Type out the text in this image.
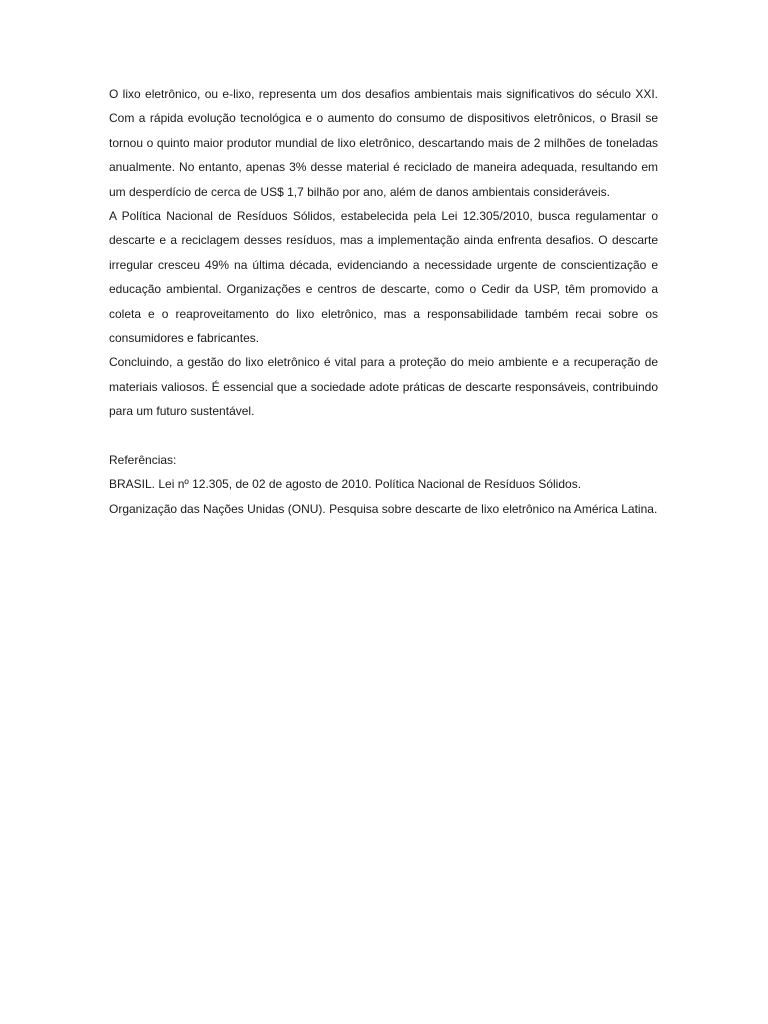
O lixo eletrônico, ou e-lixo, representa um dos desafios ambientais mais significativos do século XXI. Com a rápida evolução tecnológica e o aumento do consumo de dispositivos eletrônicos, o Brasil se tornou o quinto maior produtor mundial de lixo eletrônico, descartando mais de 2 milhões de toneladas anualmente. No entanto, apenas 3% desse material é reciclado de maneira adequada, resultando em um desperdício de cerca de US$ 1,7 bilhão por ano, além de danos ambientais consideráveis.

A Política Nacional de Resíduos Sólidos, estabelecida pela Lei 12.305/2010, busca regulamentar o descarte e a reciclagem desses resíduos, mas a implementação ainda enfrenta desafios. O descarte irregular cresceu 49% na última década, evidenciando a necessidade urgente de conscientização e educação ambiental. Organizações e centros de descarte, como o Cedir da USP, têm promovido a coleta e o reaproveitamento do lixo eletrônico, mas a responsabilidade também recai sobre os consumidores e fabricantes.

Concluindo, a gestão do lixo eletrônico é vital para a proteção do meio ambiente e a recuperação de materiais valiosos. É essencial que a sociedade adote práticas de descarte responsáveis, contribuindo para um futuro sustentável.

Referências:

BRASIL. Lei nº 12.305, de 02 de agosto de 2010. Política Nacional de Resíduos Sólidos.

Organização das Nações Unidas (ONU). Pesquisa sobre descarte de lixo eletrônico na América Latina.
